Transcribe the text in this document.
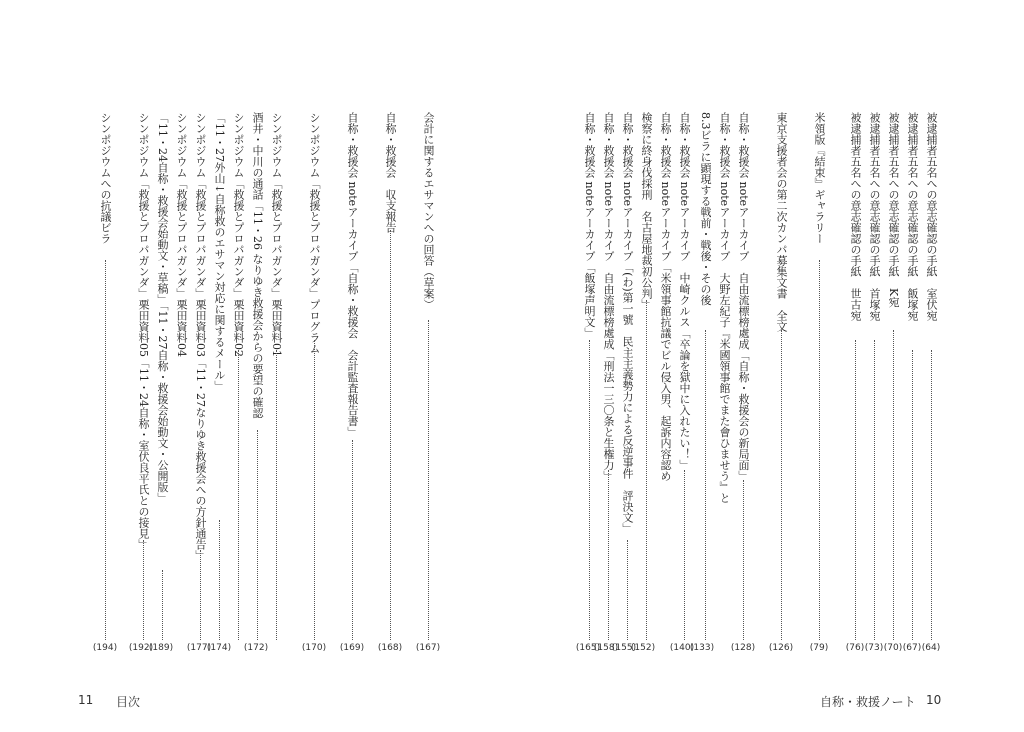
被逮捕者五名への意志確認の手紙　室伏宛
被逮捕者五名への意志確認の手紙　飯塚宛
被逮捕者五名への意志確認の手紙　K宛
被逮捕者五名への意志確認の手紙　首塚宛
被逮捕者五名への意志確認の手紙　世古宛
米領版『結束』ギャラリー
東京支援者会の第二次カンパ募集文書　全文
自称・救援会 noteアーカイブ　自由流標榜處成「自称・救援会の新局面」
自称・救援会 noteアーカイブ　大野左紀子『米國領事館でまた會ひませう』と
8.3ビラに顕現する戦前・戦後・その後
自称・救援会 noteアーカイブ　中崎クルス「卒論を獄中に入れたい！」
自称・救援会 noteアーカイブ「米領事館抗議でビル侵入男、起訴内容認め
検察に終身伐採刑　名古屋地裁初公判」
自称・救援会 noteアーカイブ「(わ)第一號　民主主義勢力による反逆事件　評決文」
自称・救援会 noteアーカイブ　自由流標榜處成「刑法一三〇条と生権力」
自称・救援会 noteアーカイブ「飯塚声明文」
(64)
(67)
(70)
(73)
(76)
(79)
(126)
(128)
(133)
(140)
(152)
(155)
(158)
(165)
会計に関するエサマンへの回答（草案）
自称・救援会　収支報告
自称・救援会 noteアーカイブ「自称・救援会　会計監査報告書」
シンポジウム「救援とプロパガンダ」プログラム
シンポジウム「救援とプロパガンダ」栗田資料01
酒井・中川の通話「11・26 なりゆき救援会からの要望の確認
シンポジウム「救援とプロパガンダ」栗田資料02
「11・27外山↓自称救のエサマン対応に関するメール」
シンポジウム「救援とプロパガンダ」栗田資料03「11・27なりゆき救援会への方針通告」
シンポジウム「救援とプロパガンダ」栗田資料04
「11・24自称・救援会始動文・草稿」「11・27自称・救援会始動文・公開版」
シンポジウム「救援とプロパガンダ」栗田資料05「11・24自称・室伏良平氏との接見」
シンポジウムへの抗議ビラ
(167)
(168)
(169)
(170)
(172)
(174)
(177)
(189)
(192)
(194)
11 目次	自称・救援ノート 10
